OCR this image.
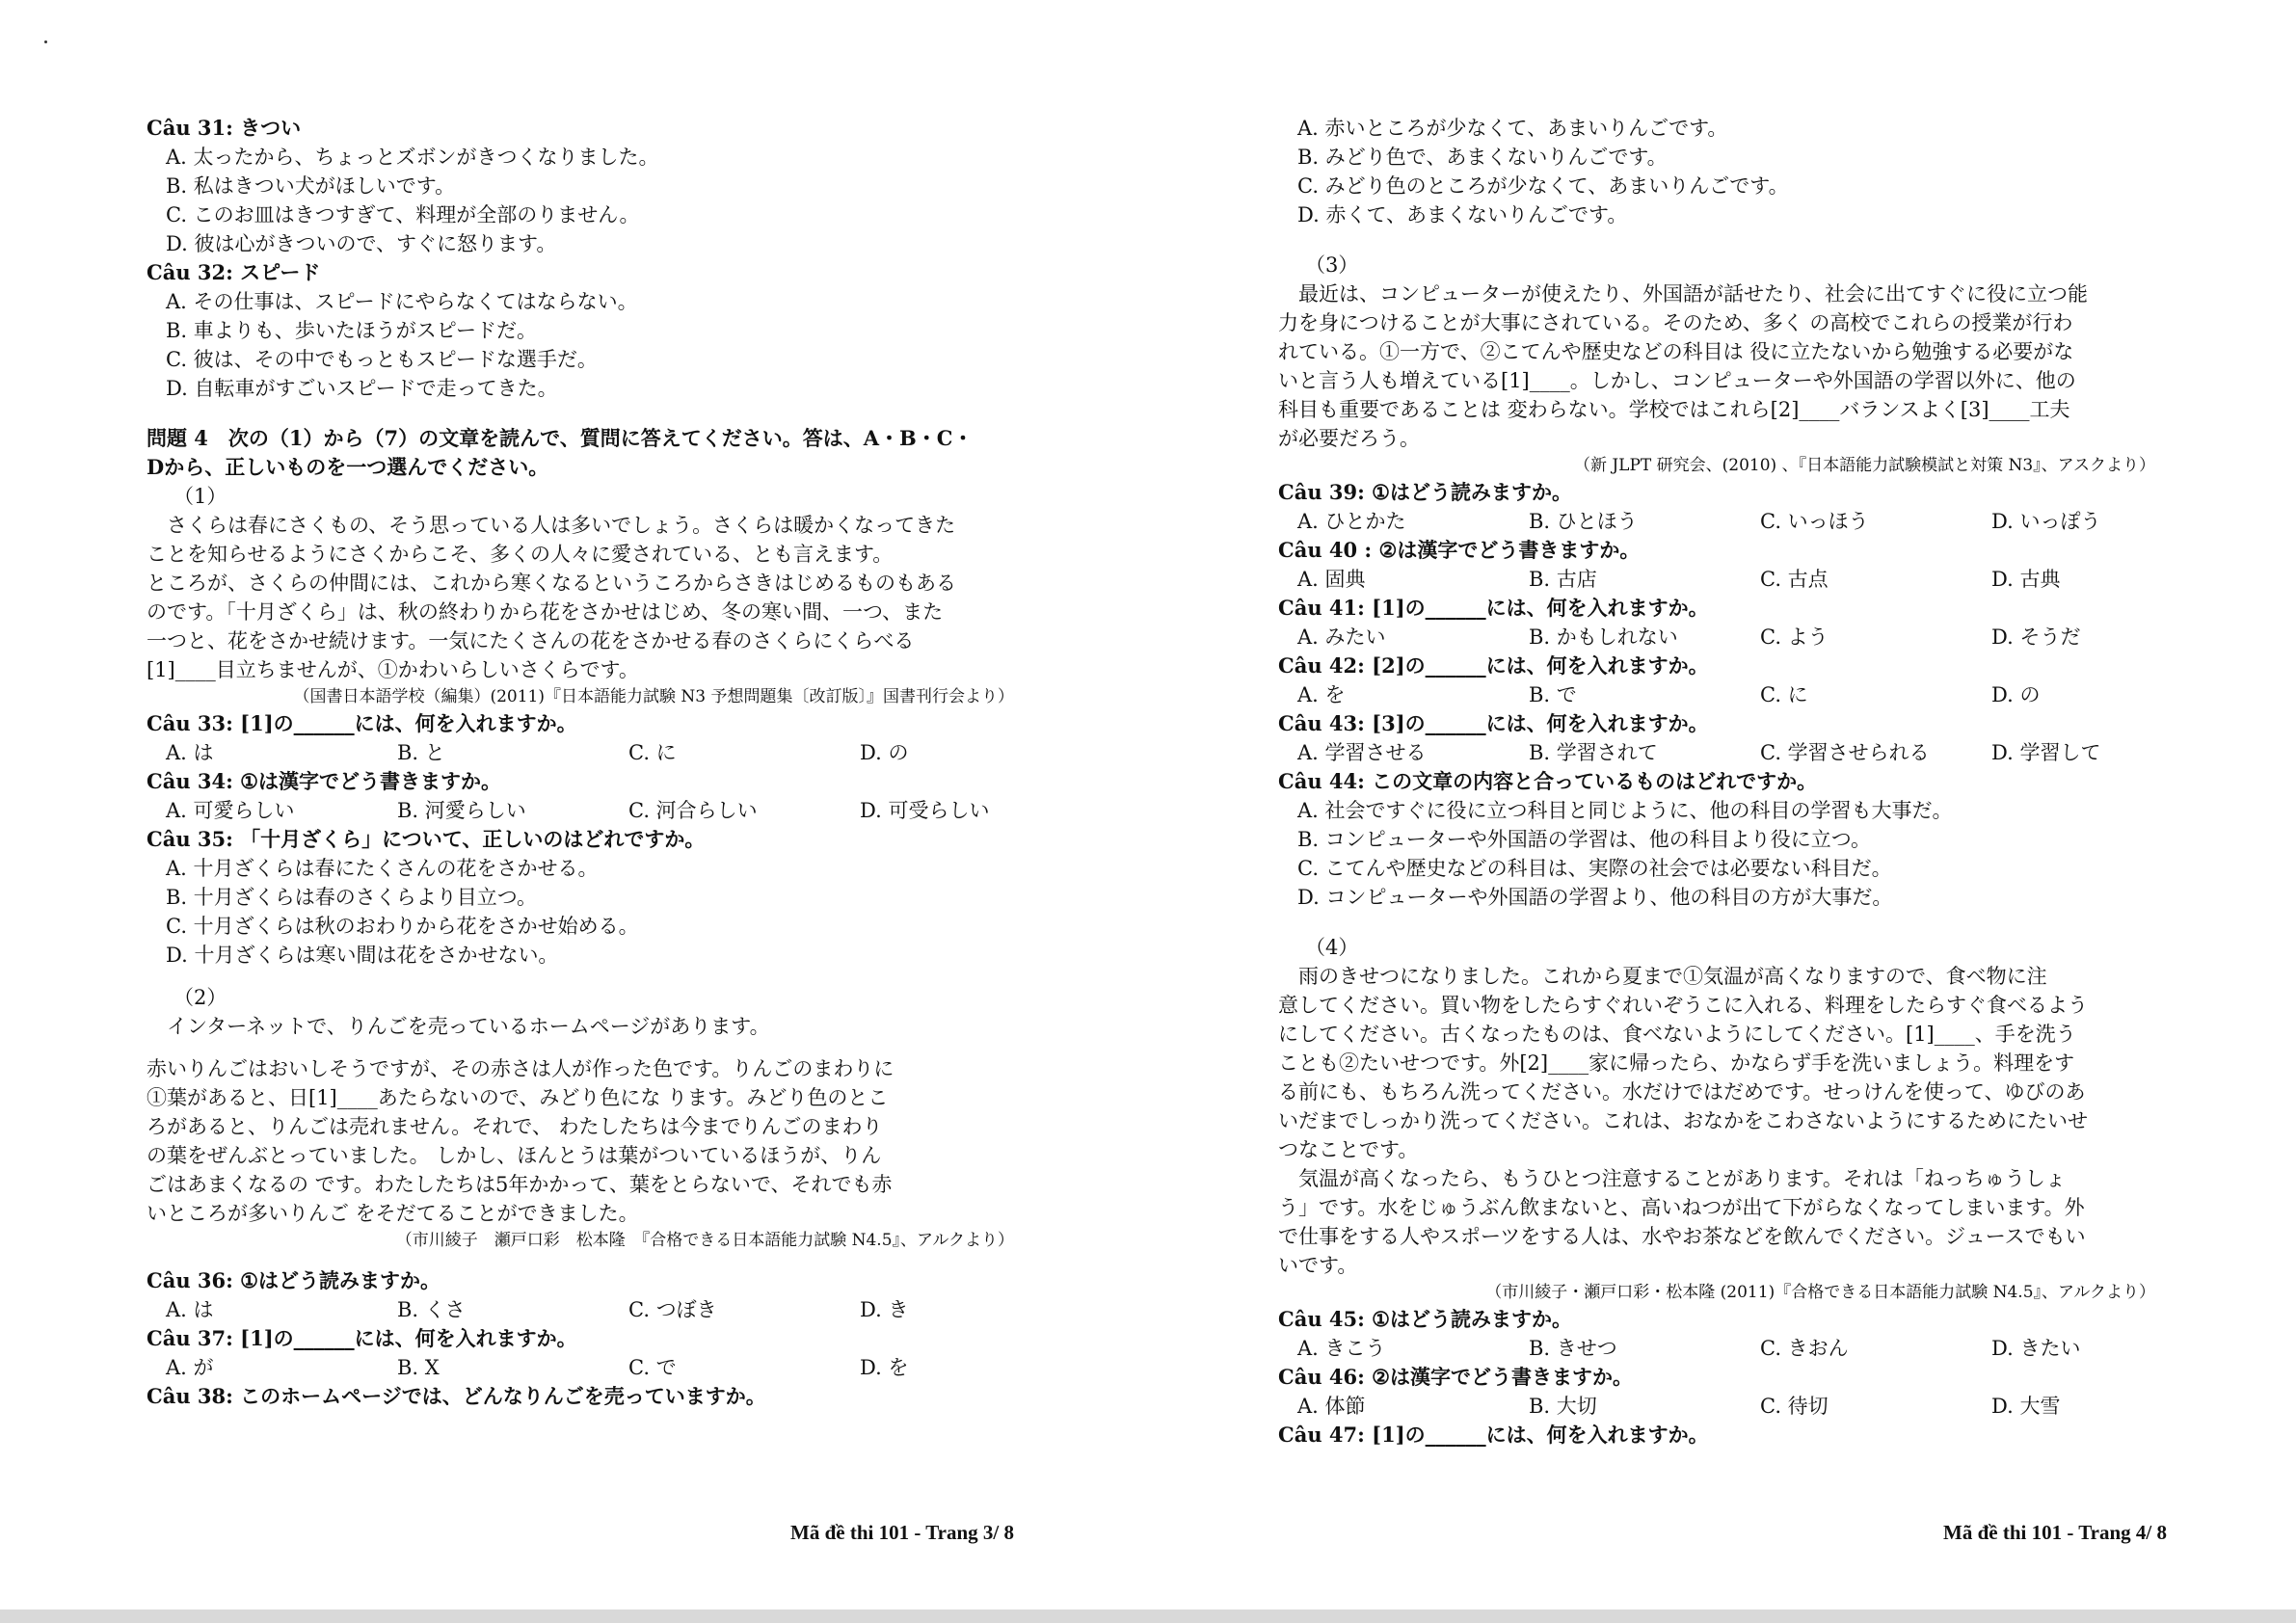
Câu 31: きつい
A. 太ったから、ちょっとズボンがきつくなりました。
B. 私はきつい犬がほしいです。
C. このお皿はきつすぎて、料理が全部のりません。
D. 彼は心がきついので、すぐに怒ります。
Câu 32: スピード
A. その仕事は、スピードにやらなくてはならない。
B. 車よりも、歩いたほうがスピードだ。
C. 彼は、その中でもっともスピードな選手だ。
D. 自転車がすごいスピードで走ってきた。
問題 4　次の（1）から（7）の文章を読んで、質問に答えてください。答は、A・B・C・
Dから、正しいものを一つ選んでください。
（1）
　さくらは春にさくもの、そう思っている人は多いでしょう。さくらは暖かくなってきた
ことを知らせるようにさくからこそ、多くの人々に愛されている、とも言えます。
ところが、さくらの仲間には、これから寒くなるというころからさきはじめるものもある
のです。「十月ざくら」は、秋の終わりから花をさかせはじめ、冬の寒い間、一つ、また
一つと、花をさかせ続けます。一気にたくさんの花をさかせる春のさくらにくらべる
[1]____目立ちませんが、①かわいらしいさくらです。
（国書日本語学校（編集）(2011)『日本語能力試験 N3 予想問題集〔改訂版〕』国書刊行会より）
Câu 33: [1]の______には、何を入れますか。
A. は	B. と	C. に	D. の
Câu 34: ①は漢字でどう書きますか。
A. 可愛らしい	B. 河愛らしい	C. 河合らしい	D. 可受らしい
Câu 35: 「十月ざくら」について、正しいのはどれですか。
A. 十月ざくらは春にたくさんの花をさかせる。
B. 十月ざくらは春のさくらより目立つ。
C. 十月ざくらは秋のおわりから花をさかせ始める。
D. 十月ざくらは寒い間は花をさかせない。
（2）
　インターネットで、りんごを売っているホームページがあります。
赤いりんごはおいしそうですが、その赤さは人が作った色です。りんごのまわりに
①葉があると、日[1]____あたらないので、みどり色にな ります。みどり色のとこ
ろがあると、りんごは売れません。それで、 わたしたちは今までりんごのまわり
の葉をぜんぶとっていました。 しかし、ほんとうは葉がついているほうが、りん
ごはあまくなるの です。わたしたちは5年かかって、葉をとらないで、それでも赤
いところが多いりんご をそだてることができました。
（市川綾子　瀬戸口彩　松本隆　『合格できる日本語能力試験 N4.5』、アルクより）
Câu 36: ①はどう読みますか。
A. は	B. くさ	C. つぼき	D. き
Câu 37: [1]の______には、何を入れますか。
A. が	B. X	C. で	D. を
Câu 38: このホームページでは、どんなりんごを売っていますか。
A. 赤いところが少なくて、あまいりんごです。
B. みどり色で、あまくないりんごです。
C. みどり色のところが少なくて、あまいりんごです。
D. 赤くて、あまくないりんごです。
（3）
　最近は、コンピューターが使えたり、外国語が話せたり、社会に出てすぐに役に立つ能
力を身につけることが大事にされている。そのため、多く の高校でこれらの授業が行わ
れている。①一方で、②こてんや歴史などの科目は 役に立たないから勉強する必要がな
いと言う人も増えている[1]____。しかし、コンピューターや外国語の学習以外に、他の
科目も重要であることは 変わらない。学校ではこれら[2]____バランスよく[3]____工夫
が必要だろう。
（新 JLPT 研究会、(2010) 、『日本語能力試験模試と対策 N3』、アスクより）
Câu 39: ①はどう読みますか。
A. ひとかた	B. ひとほう	C. いっほう	D. いっぽう
Câu 40 : ②は漢字でどう書きますか。
A. 固典	B. 古店	C. 古点	D. 古典
Câu 41: [1]の______には、何を入れますか。
A. みたい	B. かもしれない	C. よう	D. そうだ
Câu 42: [2]の______には、何を入れますか。
A. を	B. で	C. に	D. の
Câu 43: [3]の______には、何を入れますか。
A. 学習させる	B. 学習されて	C. 学習させられる	D. 学習して
Câu 44: この文章の内容と合っているものはどれですか。
A. 社会ですぐに役に立つ科目と同じように、他の科目の学習も大事だ。
B. コンピューターや外国語の学習は、他の科目より役に立つ。
C. こてんや歴史などの科目は、実際の社会では必要ない科目だ。
D. コンピューターや外国語の学習より、他の科目の方が大事だ。
（4）
　雨のきせつになりました。これから夏まで①気温が高くなりますので、食べ物に注
意してください。買い物をしたらすぐれいぞうこに入れる、料理をしたらすぐ食べるよう
にしてください。古くなったものは、食べないようにしてください。[1]____、手を洗う
ことも②たいせつです。外[2]____家に帰ったら、かならず手を洗いましょう。料理をす
る前にも、もちろん洗ってください。水だけではだめです。せっけんを使って、ゆびのあ
いだまでしっかり洗ってください。これは、おなかをこわさないようにするためにたいせ
つなことです。
　気温が高くなったら、もうひとつ注意することがあります。それは「ねっちゅうしょ
う」です。水をじゅうぶん飲まないと、高いねつが出て下がらなくなってしまいます。外
で仕事をする人やスポーツをする人は、水やお茶などを飲んでください。ジュースでもい
いです。
（市川綾子・瀬戸口彩・松本隆 (2011)『合格できる日本語能力試験 N4.5』、アルクより）
Câu 45: ①はどう読みますか。
A. きこう	B. きせつ	C. きおん	D. きたい
Câu 46: ②は漢字でどう書きますか。
A. 体節	B. 大切	C. 待切	D. 大雪
Câu 47: [1]の______には、何を入れますか。
Mã đề thi 101 - Trang 3/ 8	Mã đề thi 101 - Trang 4/ 8
